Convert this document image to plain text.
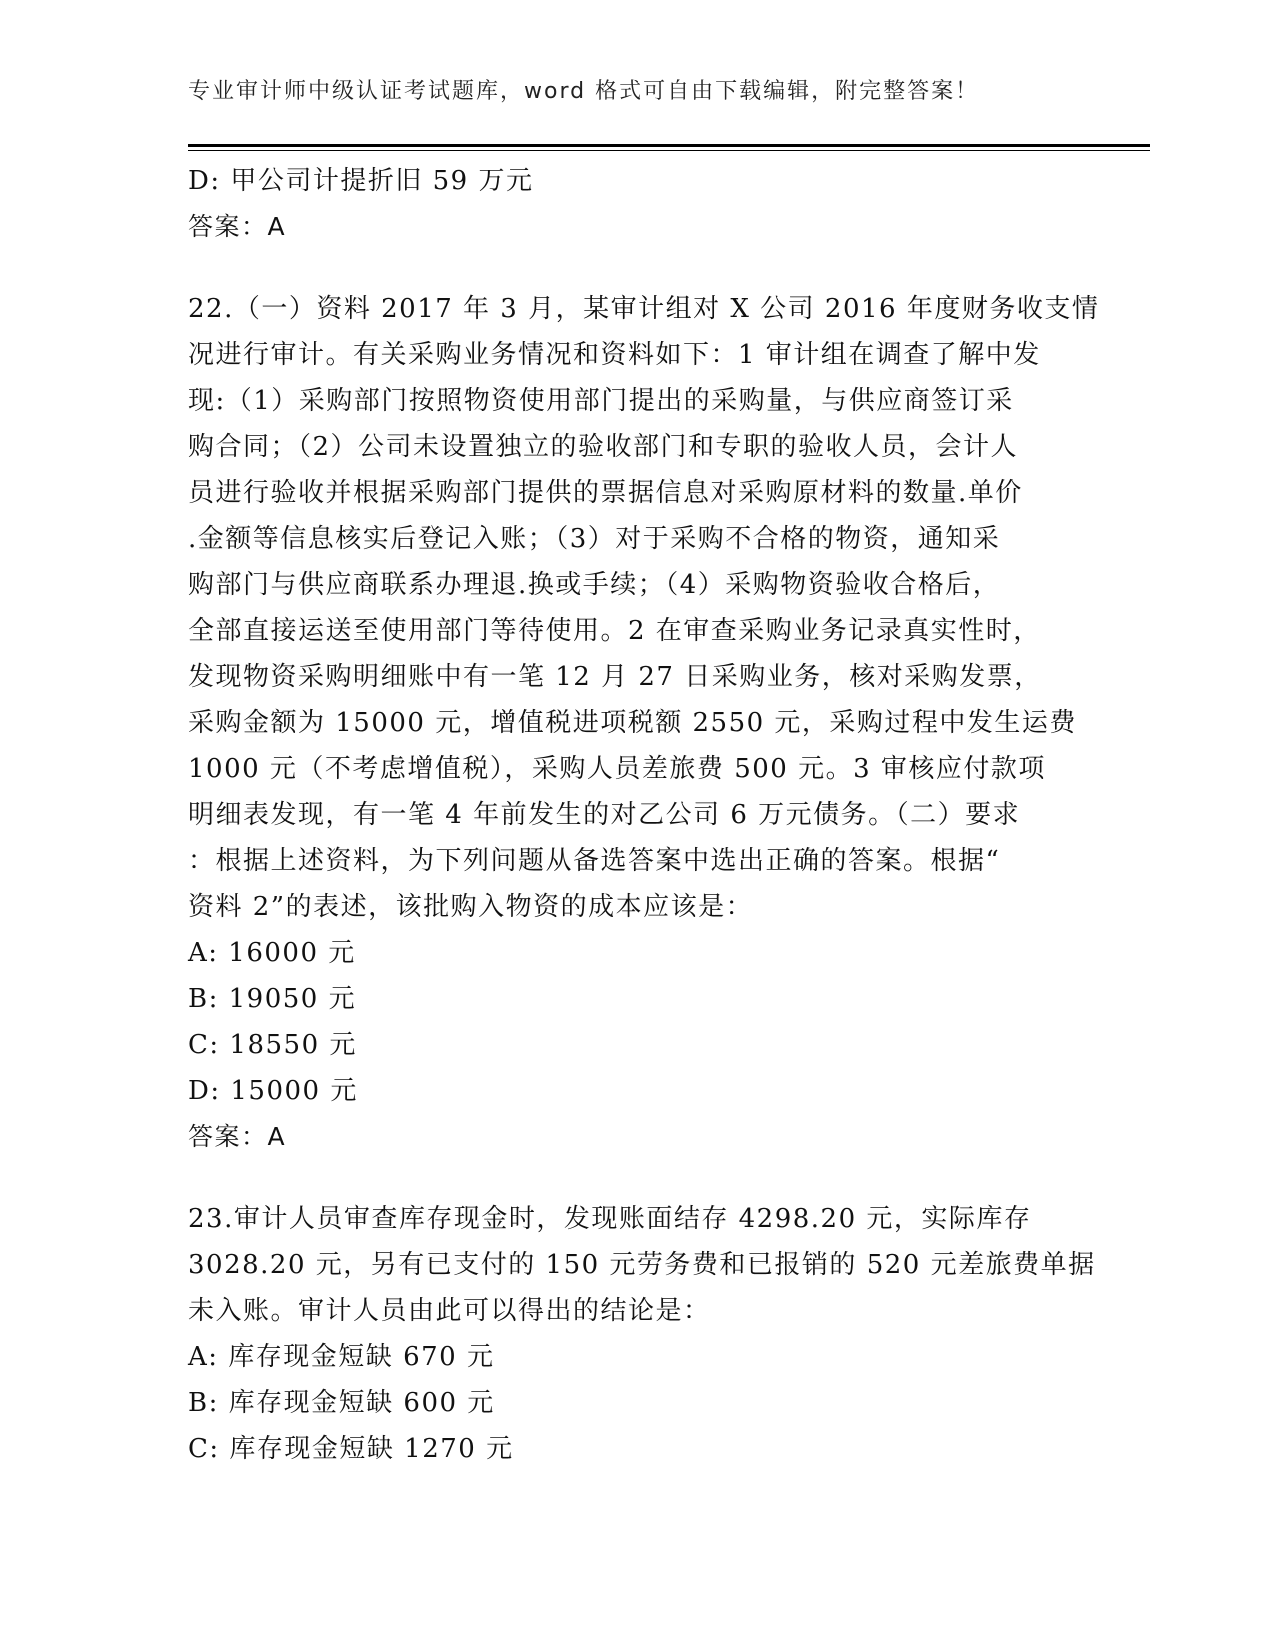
专业审计师中级认证考试题库，word 格式可自由下载编辑，附完整答案！
D: 甲公司计提折旧 59 万元
答案：A
22.（一）资料 2017 年 3 月，某审计组对 X 公司 2016 年度财务收支情
况进行审计。有关采购业务情况和资料如下：1 审计组在调查了解中发
现:（1）采购部门按照物资使用部门提出的采购量，与供应商签订采
购合同；（2）公司未设置独立的验收部门和专职的验收人员，会计人
员进行验收并根据采购部门提供的票据信息对采购原材料的数量.单价
.金额等信息核实后登记入账；（3）对于采购不合格的物资，通知采
购部门与供应商联系办理退.换或手续；（4）采购物资验收合格后，
全部直接运送至使用部门等待使用。2 在审查采购业务记录真实性时，
发现物资采购明细账中有一笔 12 月 27 日采购业务，核对采购发票，
采购金额为 15000 元，增值税进项税额 2550 元，采购过程中发生运费
1000 元（不考虑增值税），采购人员差旅费 500 元。3 审核应付款项
明细表发现，有一笔 4 年前发生的对乙公司 6 万元债务。（二）要求
：根据上述资料，为下列问题从备选答案中选出正确的答案。根据“
资料 2”的表述，该批购入物资的成本应该是：
A: 16000 元
B: 19050 元
C: 18550 元
D: 15000 元
答案：A
23.审计人员审查库存现金时，发现账面结存 4298.20 元，实际库存
3028.20 元，另有已支付的 150 元劳务费和已报销的 520 元差旅费单据
未入账。审计人员由此可以得出的结论是：
A: 库存现金短缺 670 元
B: 库存现金短缺 600 元
C: 库存现金短缺 1270 元
